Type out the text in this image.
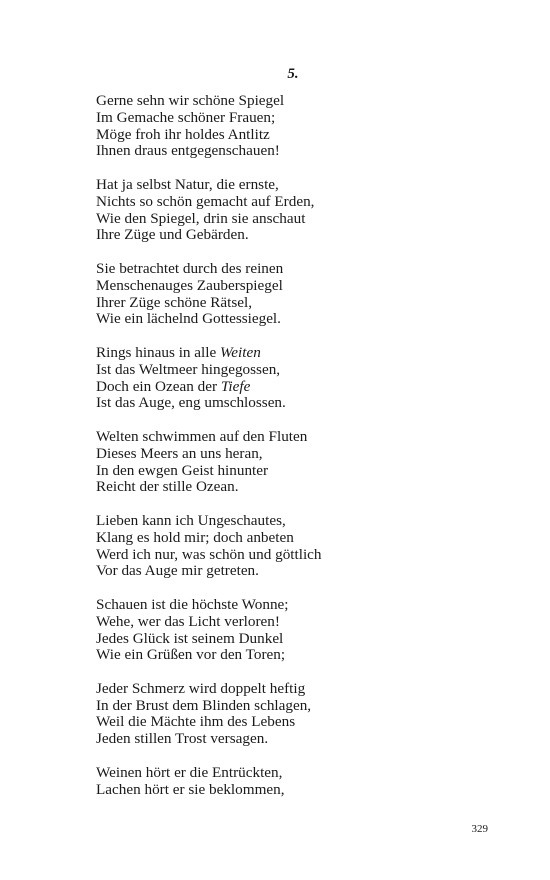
5.
Gerne sehn wir schöne Spiegel
Im Gemache schöner Frauen;
Möge froh ihr holdes Antlitz
Ihnen draus entgegenschauen!
Hat ja selbst Natur, die ernste,
Nichts so schön gemacht auf Erden,
Wie den Spiegel, drin sie anschaut
Ihre Züge und Gebärden.
Sie betrachtet durch des reinen
Menschenauges Zauberspiegel
Ihrer Züge schöne Rätsel,
Wie ein lächelnd Gottessiegel.
Rings hinaus in alle Weiten
Ist das Weltmeer hingegossen,
Doch ein Ozean der Tiefe
Ist das Auge, eng umschlossen.
Welten schwimmen auf den Fluten
Dieses Meers an uns heran,
In den ewgen Geist hinunter
Reicht der stille Ozean.
Lieben kann ich Ungeschautes,
Klang es hold mir; doch anbeten
Werd ich nur, was schön und göttlich
Vor das Auge mir getreten.
Schauen ist die höchste Wonne;
Wehe, wer das Licht verloren!
Jedes Glück ist seinem Dunkel
Wie ein Grüßen vor den Toren;
Jeder Schmerz wird doppelt heftig
In der Brust dem Blinden schlagen,
Weil die Mächte ihm des Lebens
Jeden stillen Trost versagen.
Weinen hört er die Entrückten,
Lachen hört er sie beklommen,
329
